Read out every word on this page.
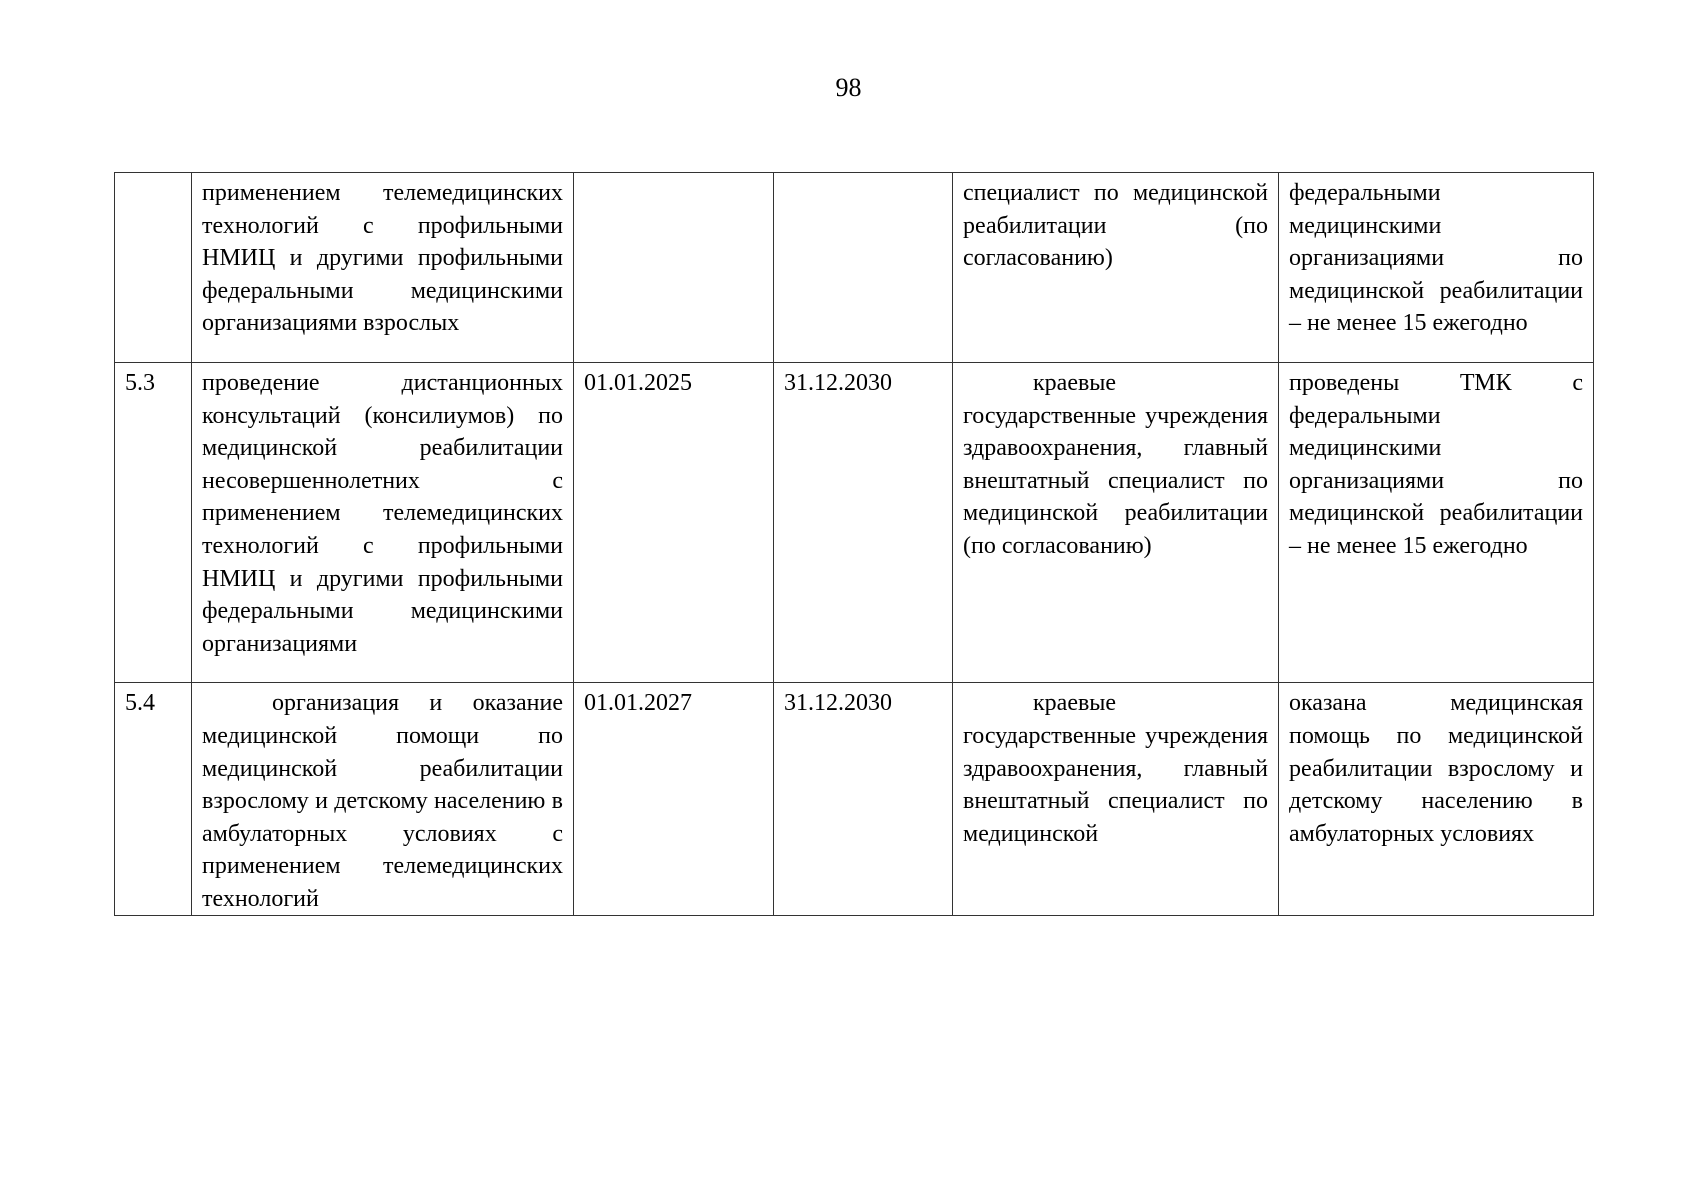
98
	применением телемедицинских технологий с профильными НМИЦ и другими профильными федеральными медицинскими организациями взрослых			специалист по медицинской реабилитации (по согласованию)	федеральными медицинскими организациями по медицинской реабилитации – не менее 15 ежегодно
5.3	проведение дистанционных консультаций (консилиумов) по медицинской реабилитации несовершеннолетних с применением телемедицинских технологий с профильными НМИЦ и другими профильными федеральными медицинскими организациями	01.01.2025	31.12.2030	краевые государственные учреждения здравоохранения, главный внештатный специалист по медицинской реабилитации (по согласованию)	проведены ТМК с федеральными медицинскими организациями по медицинской реабилитации – не менее 15 ежегодно
5.4	организация и оказание медицинской помощи по медицинской реабилитации взрослому и детскому населению в амбулаторных условиях с применением телемедицинских технологий	01.01.2027	31.12.2030	краевые государственные учреждения здравоохранения, главный внештатный специалист по медицинской	оказана медицинская помощь по медицинской реабилитации взрослому и детскому населению в амбулаторных условиях
